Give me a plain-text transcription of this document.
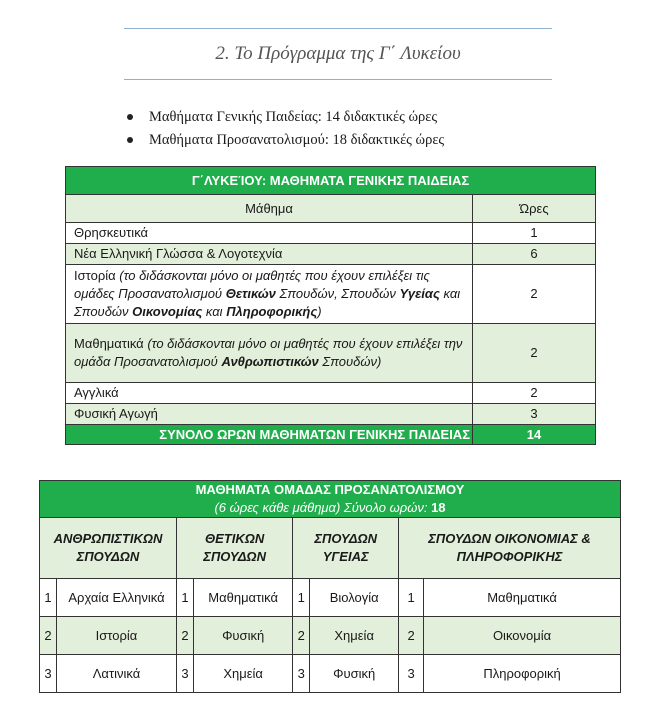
2. Το Πρόγραμμα της Γ΄ Λυκείου
Μαθήματα Γενικής Παιδείας: 14 διδακτικές ώρες
Μαθήματα Προσανατολισμού: 18 διδακτικές ώρες
Γ΄ΛΥΚΕΊΟΥ: ΜΑΘΗΜΑΤΑ ΓΕΝΙΚΗΣ ΠΑΙΔΕΙΑΣ	
Μάθημα	Ώρες
Θρησκευτικά	1
Νέα Ελληνική Γλώσσα & Λογοτεχνία	6
Ιστορία (το διδάσκονται μόνο οι μαθητές που έχουν επιλέξει τις ομάδες Προσανατολισμού Θετικών Σπουδών, Σπουδών Υγείας και Σπουδών Οικονομίας και Πληροφορικής)	2
Μαθηματικά (το διδάσκονται μόνο οι μαθητές που έχουν επιλέξει την ομάδα Προσανατολισμού Ανθρωπιστικών Σπουδών)	2
Αγγλικά	2
Φυσική Αγωγή	3
ΣΥΝΟΛΟ ΩΡΩΝ ΜΑΘΗΜΑΤΩΝ ΓΕΝΙΚΗΣ ΠΑΙΔΕΙΑΣ	14
ΜΑΘΗΜΑΤΑ ΟΜΑΔΑΣ ΠΡΟΣΑΝΑΤΟΛΙΣΜΟΥ
(6 ώρες κάθε μάθημα) Σύνολο ωρών: 18							

ΑΝΘΡΩΠΙΣΤΙΚΩΝ ΣΠΟΥΔΩΝ		ΘΕΤΙΚΩΝ ΣΠΟΥΔΩΝ		ΣΠΟΥΔΩΝ ΥΓΕΙΑΣ		ΣΠΟΥΔΩΝ ΟΙΚΟΝΟΜΙΑΣ & ΠΛΗΡΟΦΟΡΙΚΗΣ	
1	Αρχαία Ελληνικά	1	Μαθηματικά	1	Βιολογία	1	Μαθηματικά
2	Ιστορία	2	Φυσική	2	Χημεία	2	Οικονομία
3	Λατινικά	3	Χημεία	3	Φυσική	3	Πληροφορική
